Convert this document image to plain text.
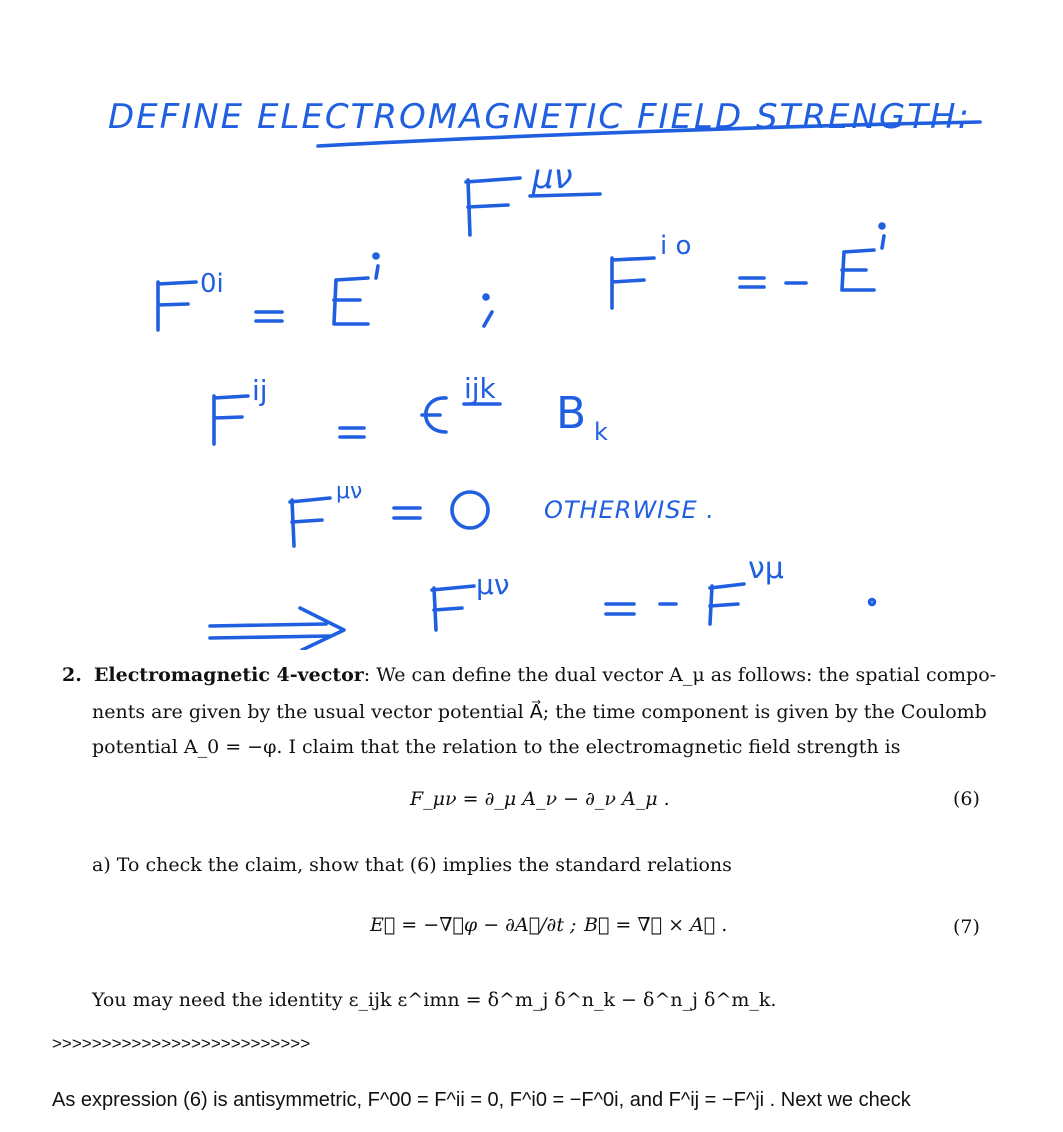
DEFINE ELECTROMAGNETIC FIELD STRENGTH:
μν
0i
i o
ij	ijk B k
μν
OTHERWISE .
μν	νμ
2. Electromagnetic 4-vector: We can define the dual vector A_μ as follows: the spatial compo-
nents are given by the usual vector potential A⃗; the time component is given by the Coulomb
potential A_0 = −φ. I claim that the relation to the electromagnetic field strength is
F_μν = ∂_μ A_ν − ∂_ν A_μ .	(6)
a) To check the claim, show that (6) implies the standard relations
E⃗ = −∇⃗φ − ∂A⃗/∂t ; B⃗ = ∇⃗ × A⃗ .	(7)
You may need the identity ε_ijk ε^imn = δ^m_j δ^n_k − δ^n_j δ^m_k.
>>>>>>>>>>>>>>>>>>>>>>>>>>
As expression (6) is antisymmetric, F^00 = F^ii = 0, F^i0 = −F^0i, and F^ij = −F^ji . Next we check
